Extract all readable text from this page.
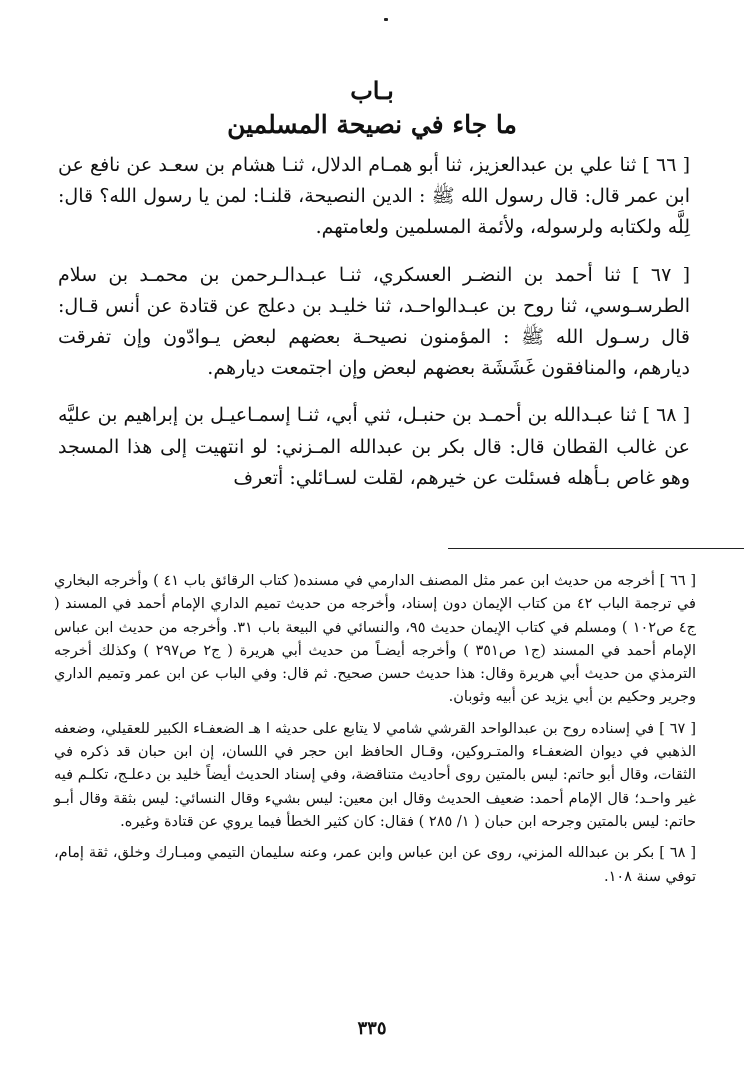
بـاب
ما جاء في نصيحة المسلمين

[ ٦٦ ] ثنا علي بن عبدالعزيز، ثنا أبو همـام الدلال، ثنـا هشام بن سعـد عن نافع عن ابن عمر قال: قال رسول الله ﷺ : الدين النصيحة، قلنـا: لمن يا رسول الله؟ قال: لِلَّه ولكتابه ولرسوله، ولأئمة المسلمين ولعامتهم.

[ ٦٧ ] ثنا أحمد بن النضـر العسكري، ثنـا عبـدالـرحمن بن محمـد بن سلام الطرسـوسي، ثنا روح بن عبـدالواحـد، ثنا خليـد بن دعلج عن قتادة عن أنس قـال: قال رسـول الله ﷺ : المؤمنون نصيحـة بعضهم لبعض يـوادّون وإن تفرقت ديارهم، والمنافقون غَشَشَة بعضهم لبعض وإن اجتمعت ديارهم.

[ ٦٨ ] ثنا عبـدالله بن أحمـد بن حنبـل، ثني أبي، ثنـا إسمـاعيـل بن إبراهيم بن عليَّه عن غالب القطان قال: قال بكر بن عبدالله المـزني: لو انتهيت إلى هذا المسجد وهو غاص بـأهله فسئلت عن خيرهم، لقلت لسـائلي: أتعرف

[ ٦٦ ] أخرجه من حديث ابن عمر مثل المصنف الدارمي في مسنده( كتاب الرقائق باب ٤١ ) وأخرجه البخاري في ترجمة الباب ٤٢ من كتاب الإيمان دون إسناد، وأخرجه من حديث تميم الداري الإمام أحمد في المسند ( ج٤ ص١٠٢ ) ومسلم في كتاب الإيمان حديث ٩٥، والنسائي في البيعة باب ٣١. وأخرجه من حديث ابن عباس الإمام أحمد في المسند (ج١ ص٣٥١ ) وأخرجه أيضـاً من حديث أبي هريرة ( ج٢ ص٢٩٧ ) وكذلك أخرجه الترمذي من حديث أبي هريرة وقال: هذا حديث حسن صحيح. ثم قال: وفي الباب عن ابن عمر وتميم الداري وجرير وحكيم بن أبي يزيد عن أبيه وثوبان.

[ ٦٧ ] في إسناده روح بن عبدالواحد القرشي شامي لا يتابع على حديثه ا هـ الضعفـاء الكبير للعقيلي، وضعفه الذهبي في ديوان الضعفـاء والمتـروكين، وقـال الحافظ ابن حجر في اللسان، إن ابن حبان قد ذكره في الثقات، وقال أبو حاتم: ليس بالمتين روى أحاديث متناقضة، وفي إسناد الحديث أيضاً خليد بن دعلـج، تكلـم فيه غير واحـد؛ قال الإمام أحمد: ضعيف الحديث وقال ابن معين: ليس بشيء وقال النسائي: ليس بثقة وقال أبـو حاتم: ليس بالمتين وجرحه ابن حبان ( ١/ ٢٨٥ ) فقال: كان كثير الخطأ فيما يروي عن قتادة وغيره.

[ ٦٨ ] بكر بن عبدالله المزني، روى عن ابن عباس وابن عمر، وعنه سليمان التيمي ومبـارك وخلق، ثقة إمام، توفي سنة ١٠٨.

٣٣٥
